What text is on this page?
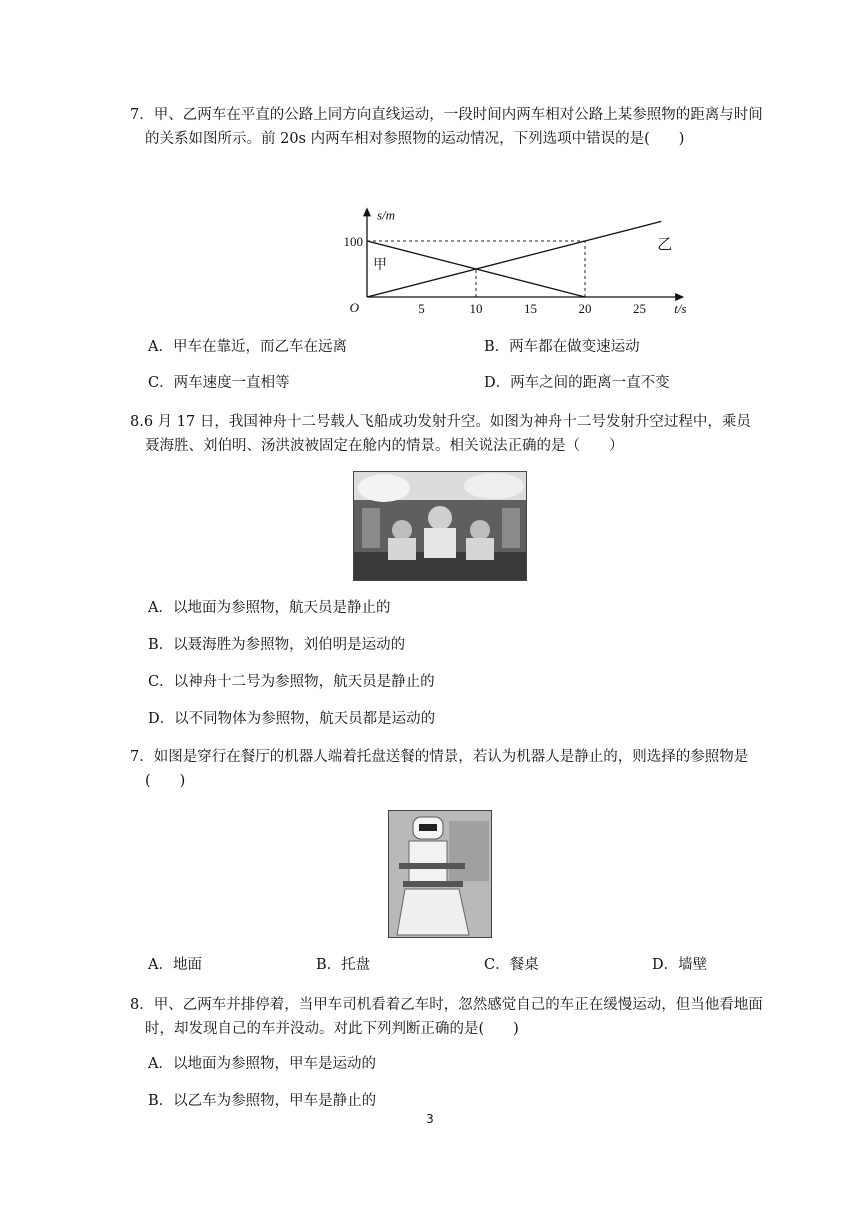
7．甲、乙两车在平直的公路上同方向直线运动，一段时间内两车相对公路上某参照物的距离与时间的关系如图所示。前 20s 内两车相对参照物的运动情况，下列选项中错误的是(　　)
甲
乙
5	10	15	20	25
100
O
s/m
t/s
A．甲车在靠近，而乙车在远离	B．两车都在做变速运动
C．两车速度一直相等	D．两车之间的距离一直不变
8.6 月 17 日，我国神舟十二号载人飞船成功发射升空。如图为神舟十二号发射升空过程中，乘员聂海胜、刘伯明、汤洪波被固定在舱内的情景。相关说法正确的是（　　）
A．以地面为参照物，航天员是静止的
B．以聂海胜为参照物，刘伯明是运动的
C．以神舟十二号为参照物，航天员是静止的
D．以不同物体为参照物，航天员都是运动的
7．如图是穿行在餐厅的机器人端着托盘送餐的情景，若认为机器人是静止的，则选择的参照物是(　　)
A．地面	B．托盘	C．餐桌	D．墙壁
8．甲、乙两车并排停着，当甲车司机看着乙车时，忽然感觉自己的车正在缓慢运动，但当他看地面时，却发现自己的车并没动。对此下列判断正确的是(　　)
A．以地面为参照物，甲车是运动的
B．以乙车为参照物，甲车是静止的
3
